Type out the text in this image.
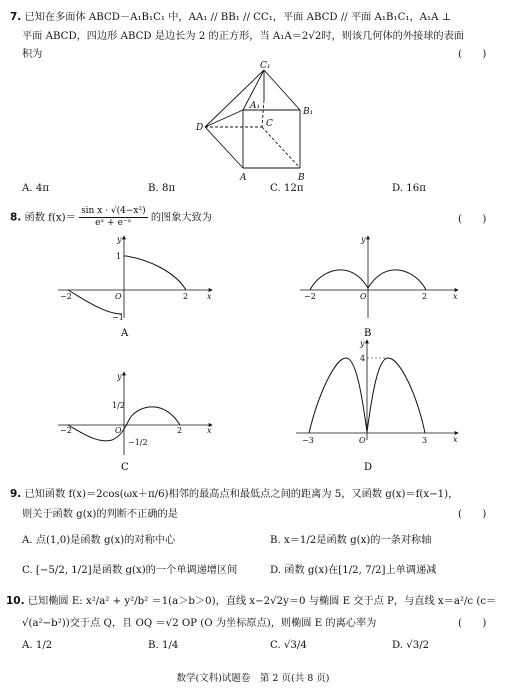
7. 已知在多面体 ABCD－A₁B₁C₁ 中，AA₁ // BB₁ // CC₁，平面 ABCD // 平面 A₁B₁C₁，A₁A ⊥
平面 ABCD，四边形 ABCD 是边长为 2 的正方形，当 A₁A＝2√2时，则该几何体的外接球的表面
积为	(　　)
C₁
A₁
B₁
C
D
A	B
A. 4π	B. 8π	C. 12π	D. 16π
8. 函数 $f(x)= \frac{\text{sin x · √(4−x²)}}{\text{eˣ + e⁻ˣ}}$ 的图象大致为	(　　)
−2	O	2
1
−1
x
y
A
−2	O	2	x
y
B
−2	O	2
1/2
−1/2
x
y
C
−3	O	3
4
x
y
D
9. 已知函数 f(x)＝2cos(ωx＋π/6)相邻的最高点和最低点之间的距离为 5，又函数 g(x)＝f(x−1)，
则关于函数 g(x)的判断不正确的是	(　　)
A. 点(1,0)是函数 g(x)的对称中心	B. x＝1/2是函数 g(x)的一条对称轴
C. [−5/2, 1/2]是函数 g(x)的一个单调递增区间	D. 函数 g(x)在[1/2, 7/2]上单调递减
10. 已知椭圆 E: x²/a² + y²/b² ＝1(a＞b＞0)，直线 x−2√2y＝0 与椭圆 E 交于点 P，与直线 x＝a²/c (c＝
√(a²−b²))交于点 Q，且 OQ ＝√2 OP (O 为坐标原点)，则椭圆 E 的离心率为	(　　)
A. 1/2	B. 1/4	C. √3/4	D. √3/2
数学(文科)试题卷　第 2 页(共 8 页)
